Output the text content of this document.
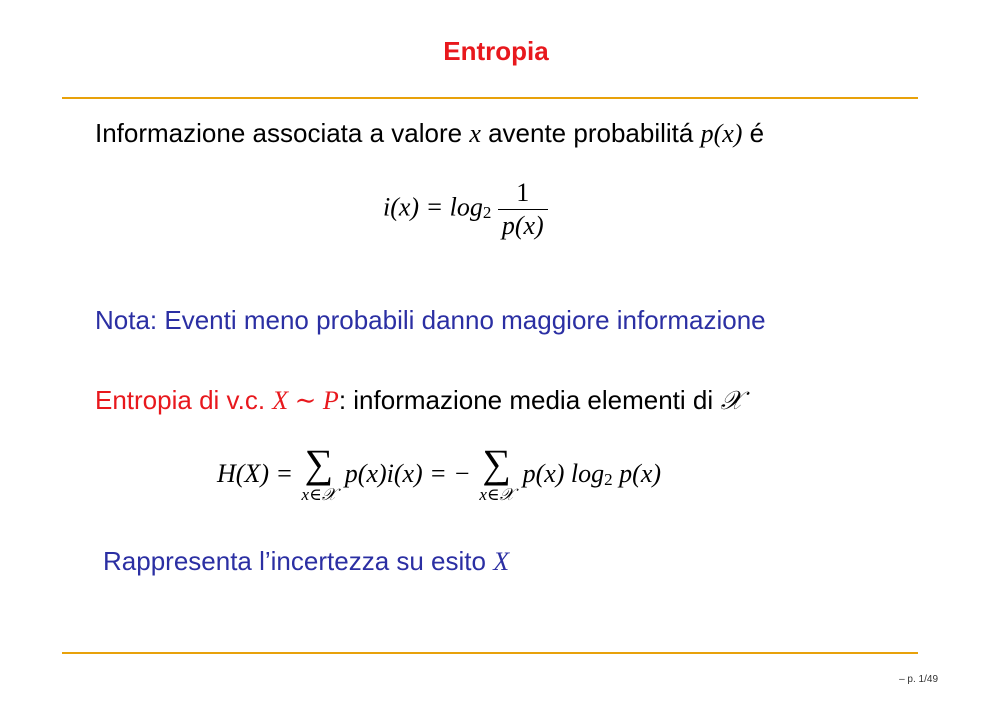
Entropia
Informazione associata a valore x avente probabilitá p(x) é
$i(x) = \log_2 \frac{1}{p(x)}$
Nota: Eventi meno probabili danno maggiore informazione
Entropia di v.c. X ∼ P: informazione media elementi di 𝒳
H(X) = ∑
x∈𝒳
p(x)i(x) = − ∑
x∈𝒳
p(x) $\log_2 p(x)$
Rappresenta l’incertezza su esito X
– p. 1/49
